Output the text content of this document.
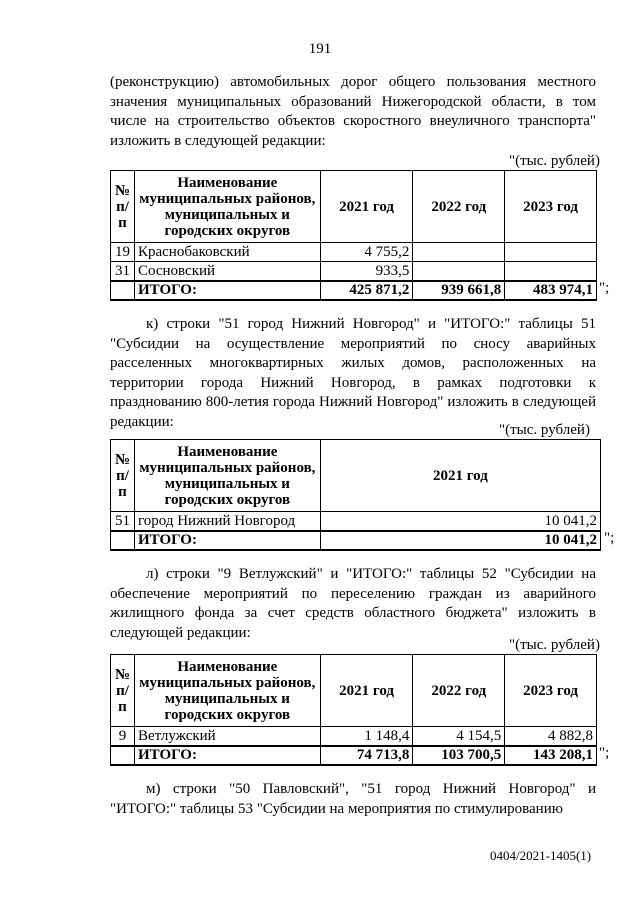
191

(реконструкцию) автомобильных дорог общего пользования местного значения муниципальных образований Нижегородской области, в том числе на строительство объектов скоростного внеуличного транспорта" изложить в следующей редакции:

"(тыс. рублей)
№ п/п	Наименование муниципальных районов, муниципальных и городских округов	2021 год	2022 год	2023 год
19	Краснобаковский	4 755,2		
31	Сосновский	933,5		
	ИТОГО:	425 871,2	939 661,8	483 974,1 ";

к) строки "51 город Нижний Новгород" и "ИТОГО:" таблицы 51 "Субсидии на осуществление мероприятий по сносу аварийных расселенных многоквартирных жилых домов, расположенных на территории города Нижний Новгород, в рамках подготовки к празднованию 800-летия города Нижний Новгород" изложить в следующей редакции:

"(тыс. рублей)
№ п/п	Наименование муниципальных районов, муниципальных и городских округов	2021 год
51	город Нижний Новгород	10 041,2
	ИТОГО:	10 041,2 ";

л) строки "9 Ветлужский" и "ИТОГО:" таблицы 52 "Субсидии на обеспечение мероприятий по переселению граждан из аварийного жилищного фонда за счет средств областного бюджета" изложить в следующей редакции:

"(тыс. рублей)
№ п/п	Наименование муниципальных районов, муниципальных и городских округов	2021 год	2022 год	2023 год
9	Ветлужский	1 148,4	4 154,5	4 882,8
	ИТОГО:	74 713,8	103 700,5	143 208,1 ";

м) строки "50 Павловский", "51 город Нижний Новгород" и "ИТОГО:" таблицы 53 "Субсидии на мероприятия по стимулированию

0404/2021-1405(1)
